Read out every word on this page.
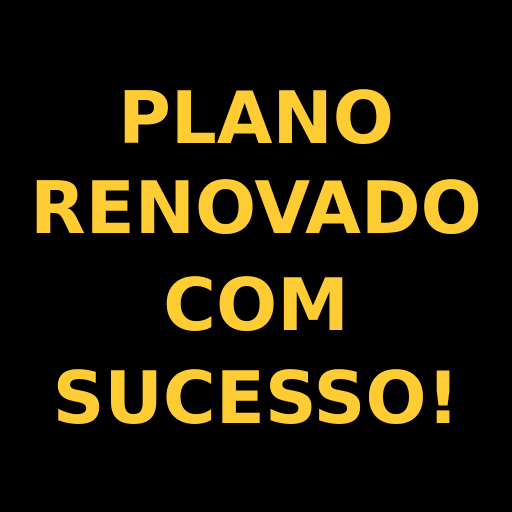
PLANO
RENOVADO
COM
SUCESSO!
